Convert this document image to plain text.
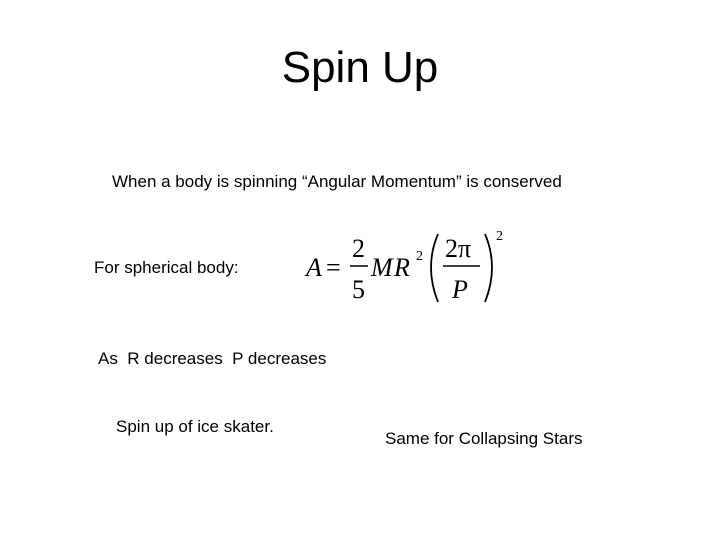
Spin Up
When a body is spinning “Angular Momentum” is conserved
For spherical body:	A =
2
5
M R 2 2π
P
2
As  R decreases  P decreases
Spin up of ice skater.
Same for Collapsing Stars
